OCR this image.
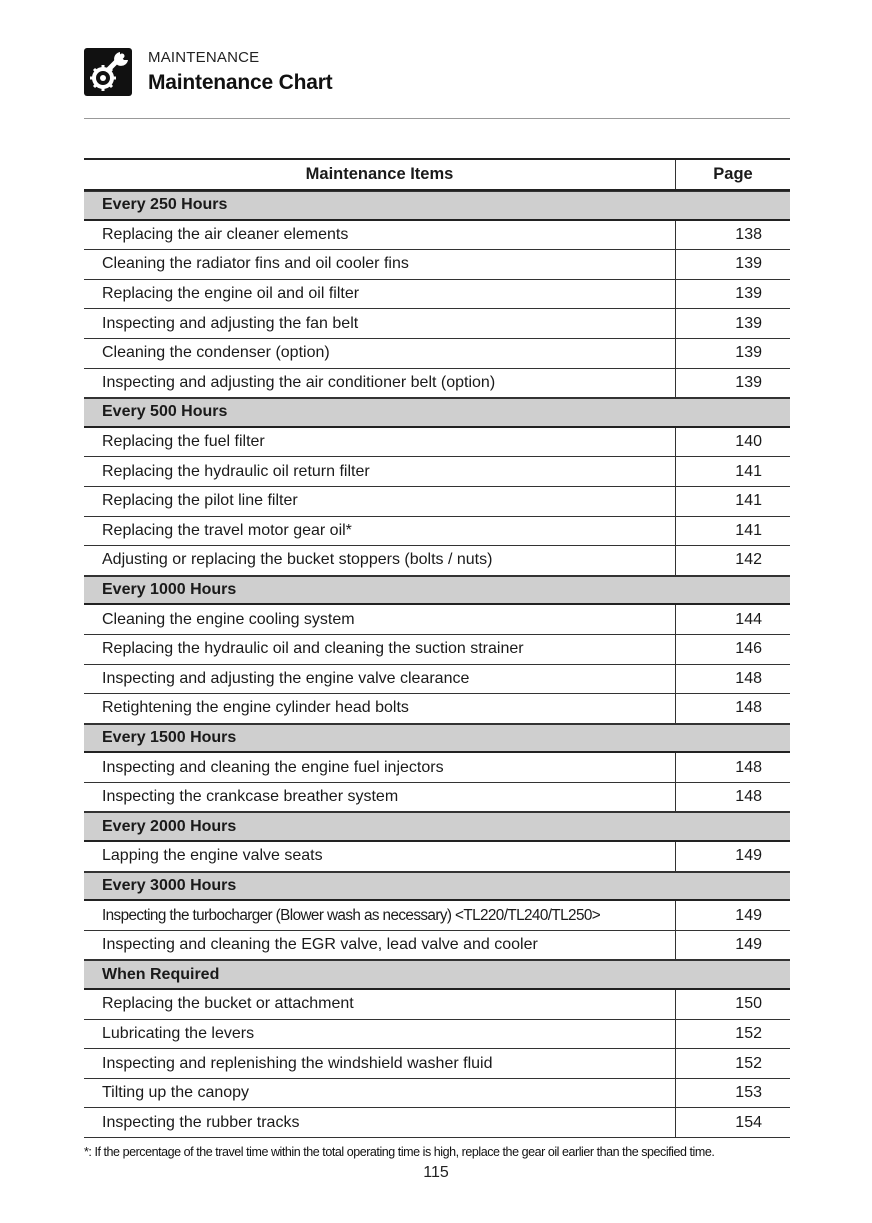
MAINTENANCE
Maintenance Chart
Maintenance Items	Page
Every 250 Hours
Replacing the air cleaner elements	138
Cleaning the radiator fins and oil cooler fins	139
Replacing the engine oil and oil filter	139
Inspecting and adjusting the fan belt	139
Cleaning the condenser (option)	139
Inspecting and adjusting the air conditioner belt (option)	139
Every 500 Hours
Replacing the fuel filter	140
Replacing the hydraulic oil return filter	141
Replacing the pilot line filter	141
Replacing the travel motor gear oil*	141
Adjusting or replacing the bucket stoppers (bolts / nuts)	142
Every 1000 Hours
Cleaning the engine cooling system	144
Replacing the hydraulic oil and cleaning the suction strainer	146
Inspecting and adjusting the engine valve clearance	148
Retightening the engine cylinder head bolts	148
Every 1500 Hours
Inspecting and cleaning the engine fuel injectors	148
Inspecting the crankcase breather system	148
Every 2000 Hours
Lapping the engine valve seats	149
Every 3000 Hours
Inspecting the turbocharger (Blower wash as necessary) <TL220/TL240/TL250>	149
Inspecting and cleaning the EGR valve, lead valve and cooler	149
When Required
Replacing the bucket or attachment	150
Lubricating the levers	152
Inspecting and replenishing the windshield washer fluid	152
Tilting up the canopy	153
Inspecting the rubber tracks	154
*: If the percentage of the travel time within the total operating time is high, replace the gear oil earlier than the specified time.
115
